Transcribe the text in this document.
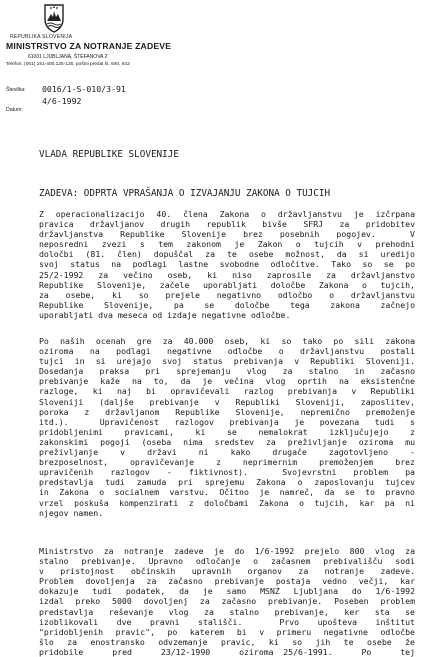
REPUBLIKA SLOVENIJA
MINISTRSTVO ZA NOTRANJE ZADEVE
61001 LJUBLJANA, ŠTEFANOVA 2
Telefon: (061) 151-400,125-125, poštni predal št. 640, 642
Številka: 0016/1-S-010/3-91
4/6-1992
Datum:
VLADA REPUBLIKE SLOVENIJE
ZADEVA: ODPRTA VPRAŠANJA O IZVAJANJU ZAKONA O TUJCIH
Z operacionalizacijo 40. člena Zakona o državljanstvu je izčrpana
pravica državljanov drugih republik bivše SFRJ za pridobitev
državljanstva Republike Slovenije brez posebnih pogojev.  V
neposredni zvezi s tem zakonom je Zakon o tujcih v prehodni
določbi (81. člen) dopuščal za te osebe možnost, da si uredijo
svoj status na podlagi lastne svobodne odločitve. Tako so se po
25/2-1992 za večino oseb, ki niso zaprosile za državljanstvo
Republike Slovenije, začele uporabljati določbe Zakona o tujcih,
za osebe, ki so prejele negativno odločbo o državljanstvu
Republike Slovenije, pa se določbe tega zakona začnejo
uporabljati dva meseca od izdaje negativne odločbe.
Po naših ocenah gre za 40.000 oseb, ki so tako po sili zakona
oziroma na podlagi negativne odločbe o državljanstvu postali
tujci in si urejajo svoj status prebivanja v Republiki Sloveniji.
Dosedanja praksa pri sprejemanju vlog za stalno in začasno
prebivanje kaže na to, da je večina vlog oprtih na eksistenčne
razloge, ki naj bi opravičevali razlog prebivanja v Republiki
Sloveniji (daljše prebivanje v Republiki Sloveniji, zaposlitev,
poroka z državljanom Republike Slovenije, nepremično premoženje
itd.).  Upravičenost razlogov prebivanja je povezana tudi s
pridobljenimi pravicami, ki se nemalokrat izključujejo z
zakonskimi pogoji (oseba nima sredstev za preživljanje oziroma mu
preživljanje v državi ni kako drugače zagotovljeno -
brezposelnost, opravičevanje z neprimernim premoženjem brez
upravičenih razlogov - fiktivnost).  Svojevrstni problem pa
predstavlja tudi zamuda pri sprejemu Zakona o zaposlovanju tujcev
in Zakona o socialnem varstvu. Očitno je namreč, da se to pravno
vrzel poskuša kompenzirati z določbami Zakona o tujcih, kar pa ni
njegov namen.
Ministrstvo za notranje zadeve je do 1/6-1992 prejelo 800 vlog za
stalno prebivanje. Upravno odločanje o začasnem prebivališču sodi
v pristojnost občinskih upravnih organov za notranje zadeve.
Problem dovoljenja za začasno prebivanje postaja vedno večji, kar
dokazuje tudi podatek, da je samo MSNZ Ljubljana do 1/6-1992
izdal preko 5000 dovoljenj za začasno prebivanje. Poseben problem
predstavlja reševanje vlog za stalno prebivanje, ker sta se
izoblikovali dve pravni stališči.  Prvo upošteva inštitut
"pridobljenih pravic", po katerem bi v primeru negativne odločbe
šlo za enostransko odvzemanje pravic, ki so jih te osebe že
pridobile   pred   23/12-1990   oziroma 25/6-1991.   Po   tej
